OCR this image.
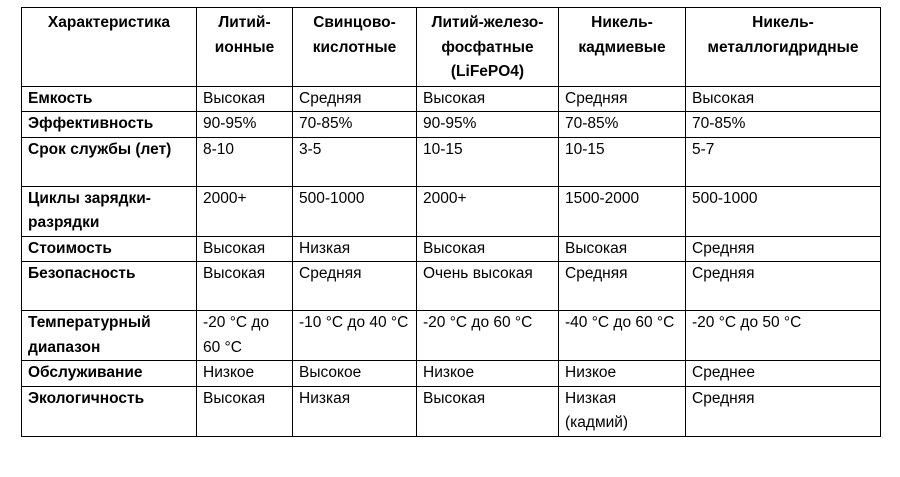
Характеристика	Литий-ионные	Свинцово-кислотные	Литий-железо-фосфатные (LiFePO4)	Никель-кадмиевые	Никель-металлогидридные
Емкость	Высокая	Средняя	Высокая	Средняя	Высокая
Эффективность	90-95%	70-85%	90-95%	70-85%	70-85%
Срок службы (лет)	8-10	3-5	10-15	10-15	5-7
Циклы зарядки-разрядки	2000+	500-1000	2000+	1500-2000	500-1000
Стоимость	Высокая	Низкая	Высокая	Высокая	Средняя
Безопасность	Высокая	Средняя	Очень высокая	Средняя	Средняя
Температурный диапазон	-20 °C до 60 °C	-10 °C до 40 °C	-20 °C до 60 °C	-40 °C до 60 °C	-20 °C до 50 °C
Обслуживание	Низкое	Высокое	Низкое	Низкое	Среднее
Экологичность	Высокая	Низкая	Высокая	Низкая (кадмий)	Средняя
